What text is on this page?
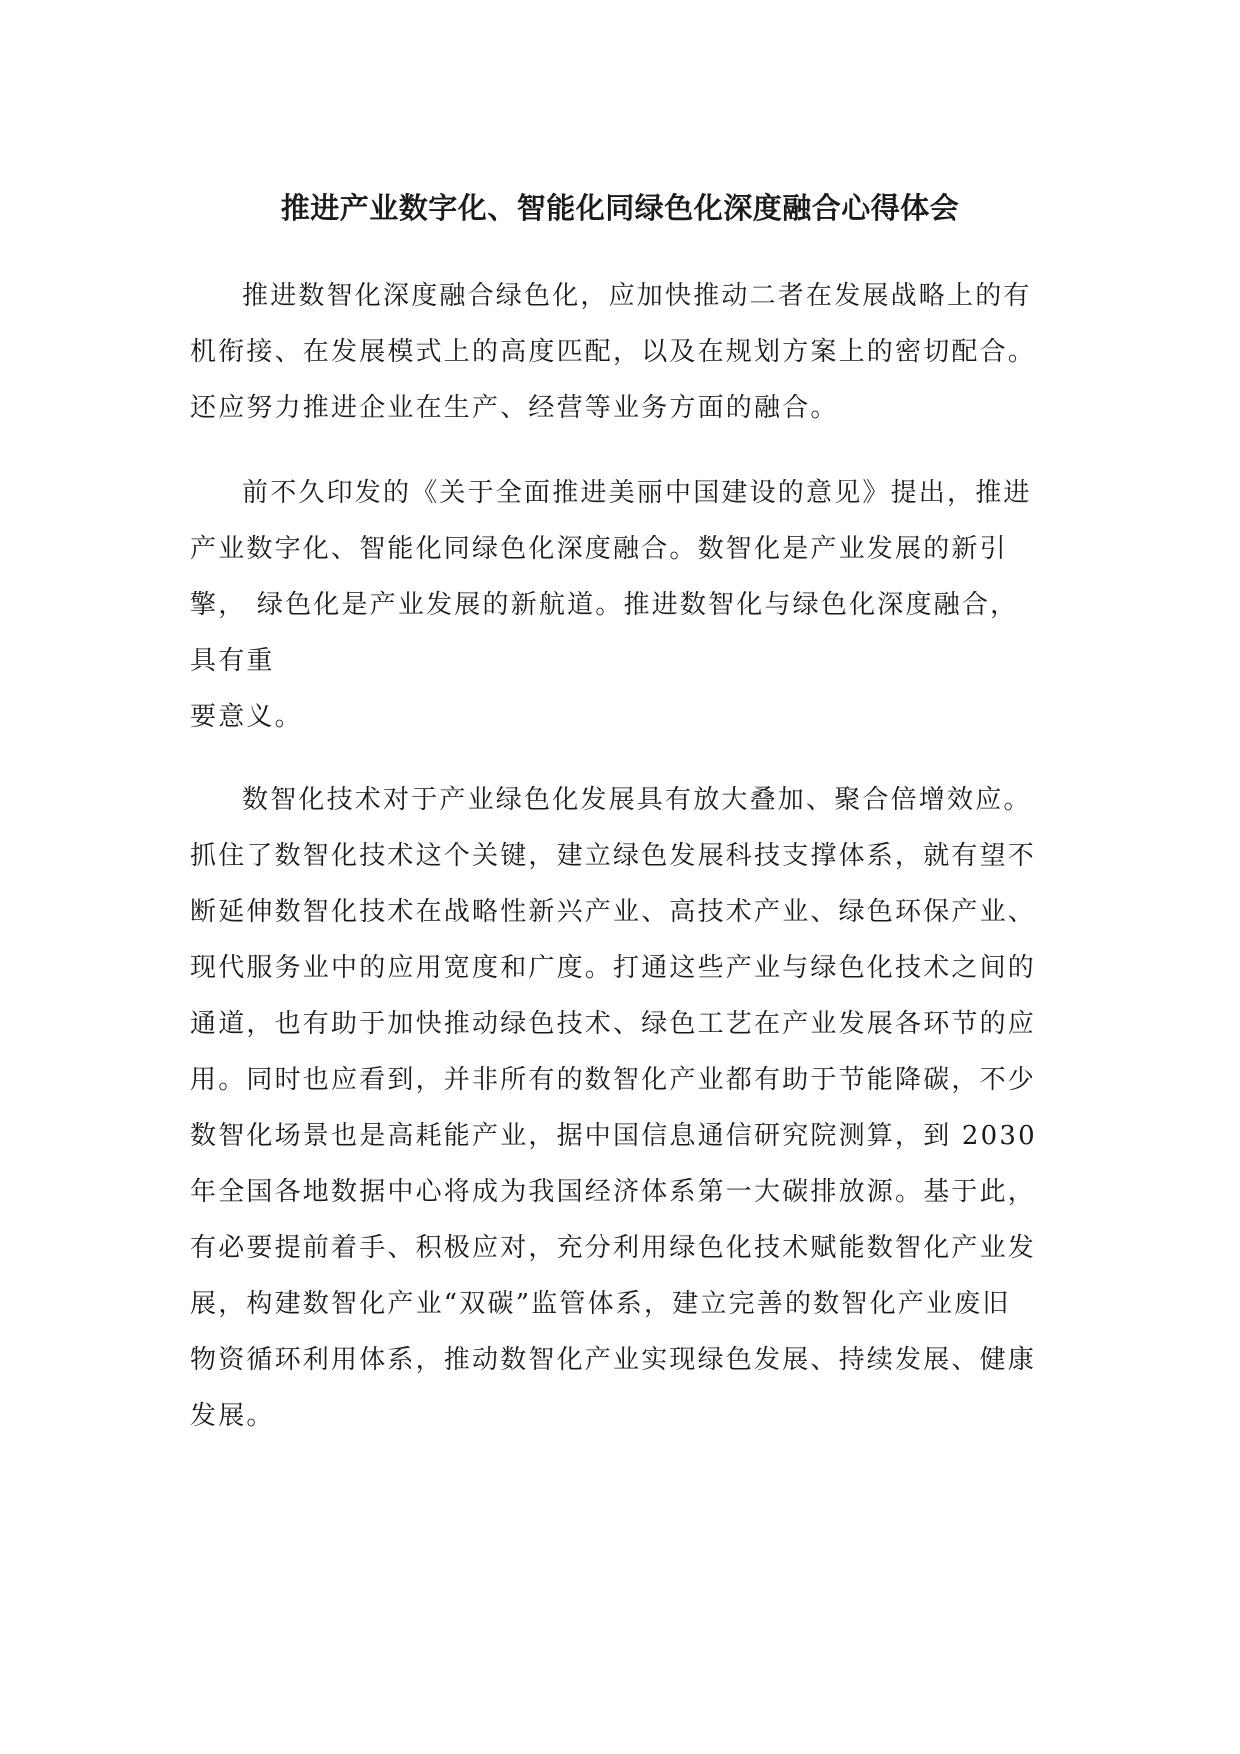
推进产业数字化、智能化同绿色化深度融合心得体会
推进数智化深度融合绿色化，应加快推动二者在发展战略上的有
机衔接、在发展模式上的高度匹配，以及在规划方案上的密切配合。
还应努力推进企业在生产、经营等业务方面的融合。
前不久印发的《关于全面推进美丽中国建设的意见》提出，推进
产业数字化、智能化同绿色化深度融合。数智化是产业发展的新引
擎， 绿色化是产业发展的新航道。推进数智化与绿色化深度融合，
具有重
要意义。
数智化技术对于产业绿色化发展具有放大叠加、聚合倍增效应。
抓住了数智化技术这个关键，建立绿色发展科技支撑体系，就有望不
断延伸数智化技术在战略性新兴产业、高技术产业、绿色环保产业、
现代服务业中的应用宽度和广度。打通这些产业与绿色化技术之间的
通道，也有助于加快推动绿色技术、绿色工艺在产业发展各环节的应
用。同时也应看到，并非所有的数智化产业都有助于节能降碳，不少
数智化场景也是高耗能产业，据中国信息通信研究院测算，到 2030
年全国各地数据中心将成为我国经济体系第一大碳排放源。基于此，
有必要提前着手、积极应对，充分利用绿色化技术赋能数智化产业发
展，构建数智化产业“双碳”监管体系，建立完善的数智化产业废旧
物资循环利用体系，推动数智化产业实现绿色发展、持续发展、健康
发展。
